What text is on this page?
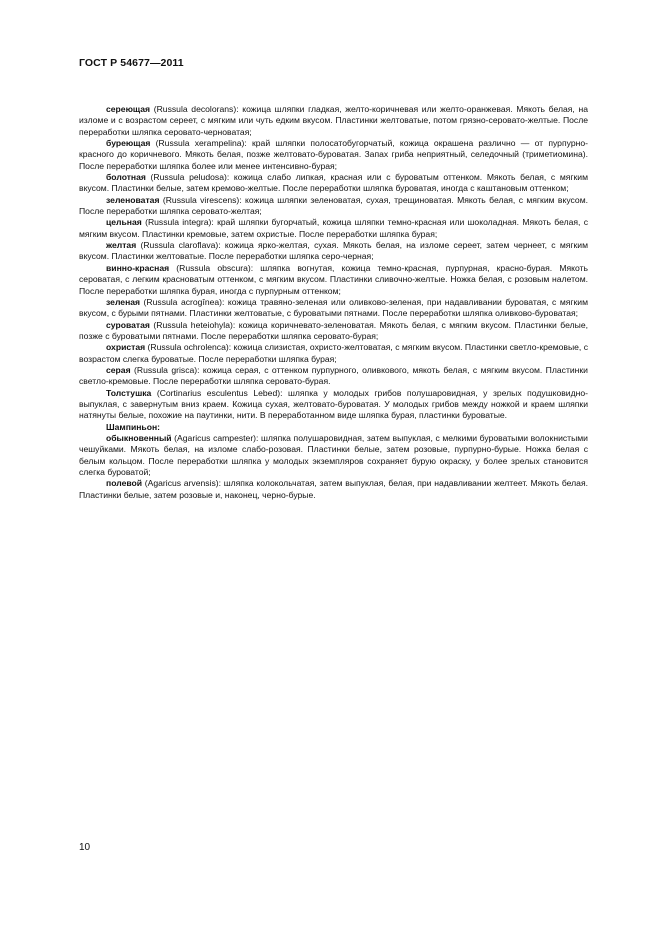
ГОСТ Р 54677—2011

сереющая (Russula decolorans): кожица шляпки гладкая, желто-коричневая или желто-оранжевая. Мякоть белая, на изломе и с возрастом сереет, с мягким или чуть едким вкусом. Пластинки желтоватые, потом грязно-серовато-желтые. После переработки шляпка серовато-черноватая;

буреющая (Russula xerampelina): край шляпки полосатобугорчатый, кожица окрашена различно — от пурпурно-красного до коричневого. Мякоть белая, позже желтовато-буроватая. Запах гриба неприятный, селедочный (триметиомина). После переработки шляпка более или менее интенсивно-бурая;

болотная (Russula peludosa): кожица слабо липкая, красная или с буроватым оттенком. Мякоть белая, с мягким вкусом. Пластинки белые, затем кремово-желтые. После переработки шляпка буроватая, иногда с каштановым оттенком;

зеленоватая (Russula virescens): кожица шляпки зеленоватая, сухая, трещиноватая. Мякоть белая, с мягким вкусом. После переработки шляпка серовато-желтая;

цельная (Russula integra): край шляпки бугорчатый, кожица шляпки темно-красная или шоколадная. Мякоть белая, с мягким вкусом. Пластинки кремовые, затем охристые. После переработки шляпка бурая;

желтая (Russula claroflava): кожица ярко-желтая, сухая. Мякоть белая, на изломе сереет, затем чернеет, с мягким вкусом. Пластинки желтоватые. После переработки шляпка серо-черная;

винно-красная (Russula obscura): шляпка вогнутая, кожица темно-красная, пурпурная, красно-бурая. Мякоть сероватая, с легким красноватым оттенком, с мягким вкусом. Пластинки сливочно-желтые. Ножка белая, с розовым налетом. После переработки шляпка бурая, иногда с пурпурным оттенком;

зеленая (Russula acrogînea): кожица травяно-зеленая или оливково-зеленая, при надавливании буроватая, с мягким вкусом, с бурыми пятнами. Пластинки желтоватые, с буроватыми пятнами. После переработки шляпка оливково-буроватая;

суроватая (Russula heteiohyla): кожица коричневато-зеленоватая. Мякоть белая, с мягким вкусом. Пластинки белые, позже с буроватыми пятнами. После переработки шляпка серовато-бурая;

охристая (Russula ochrolenca): кожица слизистая, охристо-желтоватая, с мягким вкусом. Пластинки светло-кремовые, с возрастом слегка буроватые. После переработки шляпка бурая;

серая (Russula grisca): кожица серая, с оттенком пурпурного, оливкового, мякоть белая, с мягким вкусом. Пластинки светло-кремовые. После переработки шляпка серовато-бурая.

Толстушка (Cortinarius esculentus Lebed): шляпка у молодых грибов полушаровидная, у зрелых подушковидно-выпуклая, с завернутым вниз краем. Кожица сухая, желтовато-буроватая. У молодых грибов между ножкой и краем шляпки натянуты белые, похожие на паутинки, нити. В переработанном виде шляпка бурая, пластинки буроватые.

Шампиньон:

обыкновенный (Agaricus campester): шляпка полушаровидная, затем выпуклая, с мелкими буроватыми волокнистыми чешуйками. Мякоть белая, на изломе слабо-розовая. Пластинки белые, затем розовые, пурпурно-бурые. Ножка белая с белым кольцом. После переработки шляпка у молодых экземпляров сохраняет бурую окраску, у более зрелых становится слегка буроватой;

полевой (Agaricus arvensis): шляпка колокольчатая, затем выпуклая, белая, при надавливании желтеет. Мякоть белая. Пластинки белые, затем розовые и, наконец, черно-бурые.

10
